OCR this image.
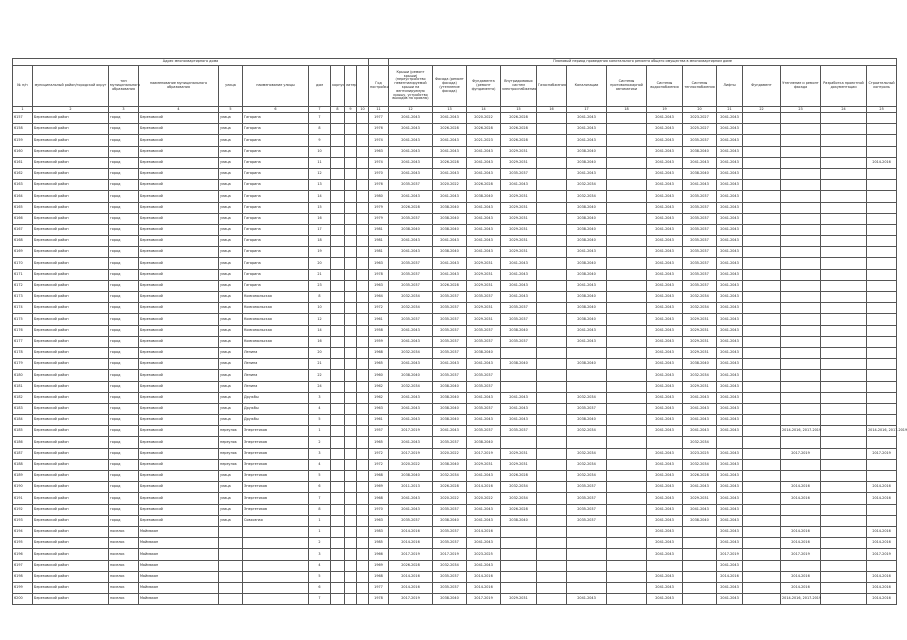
Адрес многоквартирного дома											Плановый период проведения капитального ремонта общего имущества в многоквартирном доме													
№ п/п	муниципальный район/городской округ	тип муниципального образования	наименование муниципального образования	улица	наименование улицы	дом	корпус	литер		Год постройки	Крыши (ремонт крыши) (переустройство невентилируемой крыши на вентилируемую крышу, устройство выходов на кровлю)	Фасада (ремонт фасада) (утепление фасада)	Фундамента (ремонт фундамента)	Внутридомовых систем электроснабжения	Газоснабжения	Канализации	Системы противопожарной автоматики	Системы водоснабжения	Системы теплоснабжения	Лифты	Фундамент	Утепление и ремонт фасада	Разработка проектной документации	Строительный контроль
1	2	3	4	5	6	7	8	9	10	11	12	13	14	15	16	17	18	19	20	21	22	23	24	25
6157	Березовский район	город	Березовский	улица	Гагарина	7				1977	2041-2043	2041-2043	2020-2022	2026-2028		2041-2043		2041-2043	2023-2027	2041-2043				
6158	Березовский район	город	Березовский	улица	Гагарина	8				1976	2041-2043	2026-2028	2026-2028	2026-2028		2041-2043		2041-2043	2025-2027	2041-2043				
6159	Березовский район	город	Березовский	улица	Гагарина	9				1974	2041-2043	2041-2043	2021-2023	2026-2028		2041-2043		2041-2043	2035-2037	2041-2043				
6160	Березовский район	город	Березовский	улица	Гагарина	10				1963	2041-2043	2041-2043	2041-2043	2029-2031		2038-2040		2041-2043	2038-2040	2041-2043				
6161	Березовский район	город	Березовский	улица	Гагарина	11				1974	2041-2043	2026-2028	2041-2043	2029-2031		2038-2040		2041-2043	2041-2043	2041-2043				2014-2016
6162	Березовский район	город	Березовский	улица	Гагарина	12				1970	2041-2043	2041-2043	2041-2043	2035-2037		2041-2043		2041-2043	2038-2040	2041-2043				
6163	Березовский район	город	Березовский	улица	Гагарина	13				1976	2035-2037	2020-2022	2026-2028	2041-2043		2032-2034		2041-2043	2041-2043	2041-2043				
6164	Березовский район	город	Березовский	улица	Гагарина	14				1980	2041-2043	2041-2043	2038-2040	2029-2031		2032-2034		2041-2043	2035-2037	2041-2043				
6165	Березовский район	город	Березовский	улица	Гагарина	15				1979	2026-2028	2038-2040	2041-2043	2029-2031		2038-2040		2041-2043	2035-2037	2041-2043				
6166	Березовский район	город	Березовский	улица	Гагарина	16				1979	2035-2037	2038-2040	2041-2043	2029-2031		2038-2040		2041-2043	2035-2037	2041-2043				
6167	Березовский район	город	Березовский	улица	Гагарина	17				1981	2038-2040	2038-2040	2041-2043	2029-2031		2038-2040		2041-2043	2035-2037	2041-2043				
6168	Березовский район	город	Березовский	улица	Гагарина	18				1981	2041-2043	2041-2043	2041-2043	2029-2031		2038-2040		2041-2043	2035-2037	2041-2043				
6169	Березовский район	город	Березовский	улица	Гагарина	19				1981	2041-2043	2038-2040	2041-2043	2029-2031		2041-2043		2041-2043	2035-2037	2041-2043				
6170	Березовский район	город	Березовский	улица	Гагарина	20				1963	2035-2037	2041-2043	2029-2031	2041-2043		2038-2040		2041-2043	2035-2037	2041-2043				
6171	Березовский район	город	Березовский	улица	Гагарина	21				1978	2035-2037	2041-2043	2029-2031	2041-2043		2038-2040		2041-2043	2035-2037	2041-2043				
6172	Березовский район	город	Березовский	улица	Гагарина	23				1963	2035-2037	2026-2028	2029-2031	2041-2043		2041-2043		2041-2043	2035-2037	2041-2043				
6173	Березовский район	город	Березовский	улица	Комсомольская	8				1964	2032-2034	2035-2037	2035-2037	2041-2043		2038-2040		2041-2043	2032-2034	2041-2043				
6174	Березовский район	город	Березовский	улица	Комсомольская	10				1972	2032-2034	2035-2037	2029-2031	2035-2037		2038-2040		2041-2043	2032-2034	2041-2043				
6175	Березовский район	город	Березовский	улица	Комсомольская	12				1961	2035-2037	2035-2037	2029-2031	2035-2037		2038-2040		2041-2043	2029-2031	2041-2043				
6176	Березовский район	город	Березовский	улица	Комсомольская	14				1958	2041-2043	2035-2037	2035-2037	2038-2040		2041-2043		2041-2043	2029-2031	2041-2043				
6177	Березовский район	город	Березовский	улица	Комсомольская	16				1959	2041-2043	2035-2037	2035-2037	2035-2037		2041-2043		2041-2043	2029-2031	2041-2043				
6178	Березовский район	город	Березовский	улица	Ленина	20				1968	2032-2034	2035-2037	2038-2040					2041-2043	2029-2031	2041-2043				
6179	Березовский район	город	Березовский	улица	Ленина	21				1965	2041-2043	2041-2043	2041-2043	2038-2040		2038-2040		2041-2043	2038-2040	2041-2043				
6180	Березовский район	город	Березовский	улица	Ленина	22				1960	2038-2040	2035-2037	2035-2037					2041-2043	2032-2034	2041-2043				
6181	Березовский район	город	Березовский	улица	Ленина	24				1962	2032-2034	2038-2040	2035-2037					2041-2043	2029-2031	2041-2043				
6182	Березовский район	город	Березовский	улица	Дружбы	3				1962	2041-2043	2038-2040	2041-2043	2041-2043		2032-2034		2041-2043	2041-2043	2041-2043				
6183	Березовский район	город	Березовский	улица	Дружбы	4				1963	2041-2043	2038-2040	2035-2037	2041-2043		2035-2037		2041-2043	2041-2043	2041-2043				
6184	Березовский район	город	Березовский	улица	Дружбы	5				1961	2041-2043	2038-2040	2041-2043	2041-2043		2038-2040		2041-2043	2041-2043	2041-2043				
6185	Березовский район	город	Березовский	переулок	Энергетиков	1				1957	2017-2019	2041-2043	2035-2037	2035-2037		2032-2034		2041-2043	2041-2043	2041-2043		2014-2016, 2017-2019		2014-2016, 2017-2019
6186	Березовский район	город	Березовский	переулок	Энергетиков	2				1965	2041-2043	2035-2037	2038-2040						2032-2034					
6187	Березовский район	город	Березовский	переулок	Энергетиков	3				1972	2017-2019	2020-2022	2017-2019	2029-2031		2032-2034		2041-2043	2023-2025	2041-2043		2017-2019		2017-2019
6188	Березовский район	город	Березовский	переулок	Энергетиков	4				1972	2020-2022	2038-2040	2029-2031	2029-2031		2032-2034		2041-2043	2032-2034	2041-2043				
6189	Березовский район	город	Березовский	улица	Энергетиков	5				1968	2038-2040	2032-2034	2041-2043	2026-2028		2032-2034		2041-2043	2026-2028	2041-2043				
6190	Березовский район	город	Березовский	улица	Энергетиков	6				1969	2011-2013	2026-2028	2014-2016	2032-2034		2035-2037		2041-2043	2041-2043	2041-2043		2014-2016		2014-2016
6191	Березовский район	город	Березовский	улица	Энергетиков	7				1968	2041-2043	2020-2022	2020-2022	2032-2034		2035-2037		2041-2043	2029-2031	2041-2043		2014-2016		2014-2016
6192	Березовский район	город	Березовский	улица	Энергетиков	8				1970	2041-2043	2035-2037	2041-2043	2026-2028		2035-2037		2041-2043	2041-2043	2041-2043				
6193	Березовский район	город	Березовский	улица	Совхозная	1				1963	2035-2037	2038-2040	2041-2043	2038-2040		2035-2037		2041-2043	2038-2040	2041-2043				
6194	Березовский район	поселок	Маймакан			1				1983	2014-2016	2035-2037	2014-2016					2041-2043		2041-2043		2014-2016		2014-2016
6195	Березовский район	поселок	Маймакан			2				1985	2014-2016	2035-2037	2041-2043					2041-2043		2041-2043		2014-2016		2014-2016
6196	Березовский район	поселок	Маймакан			3				1966	2017-2019	2017-2019	2023-2025					2041-2043		2017-2019		2017-2019		2017-2019
6197	Березовский район	поселок	Маймакан			4				1969	2026-2028	2032-2034	2041-2043							2041-2043				
6198	Березовский район	поселок	Маймакан			5				1968	2014-2016	2035-2037	2014-2016					2041-2043		2014-2016		2014-2016		2014-2016
6199	Березовский район	поселок	Маймакан			6				1977	2014-2016	2035-2037	2014-2016					2041-2043		2041-2043		2014-2016		2014-2016
6200	Березовский район	поселок	Маймакан			7				1978	2017-2019	2038-2040	2017-2019	2029-2031		2041-2043		2041-2043		2041-2043		2014-2016, 2017-2019		2014-2016
